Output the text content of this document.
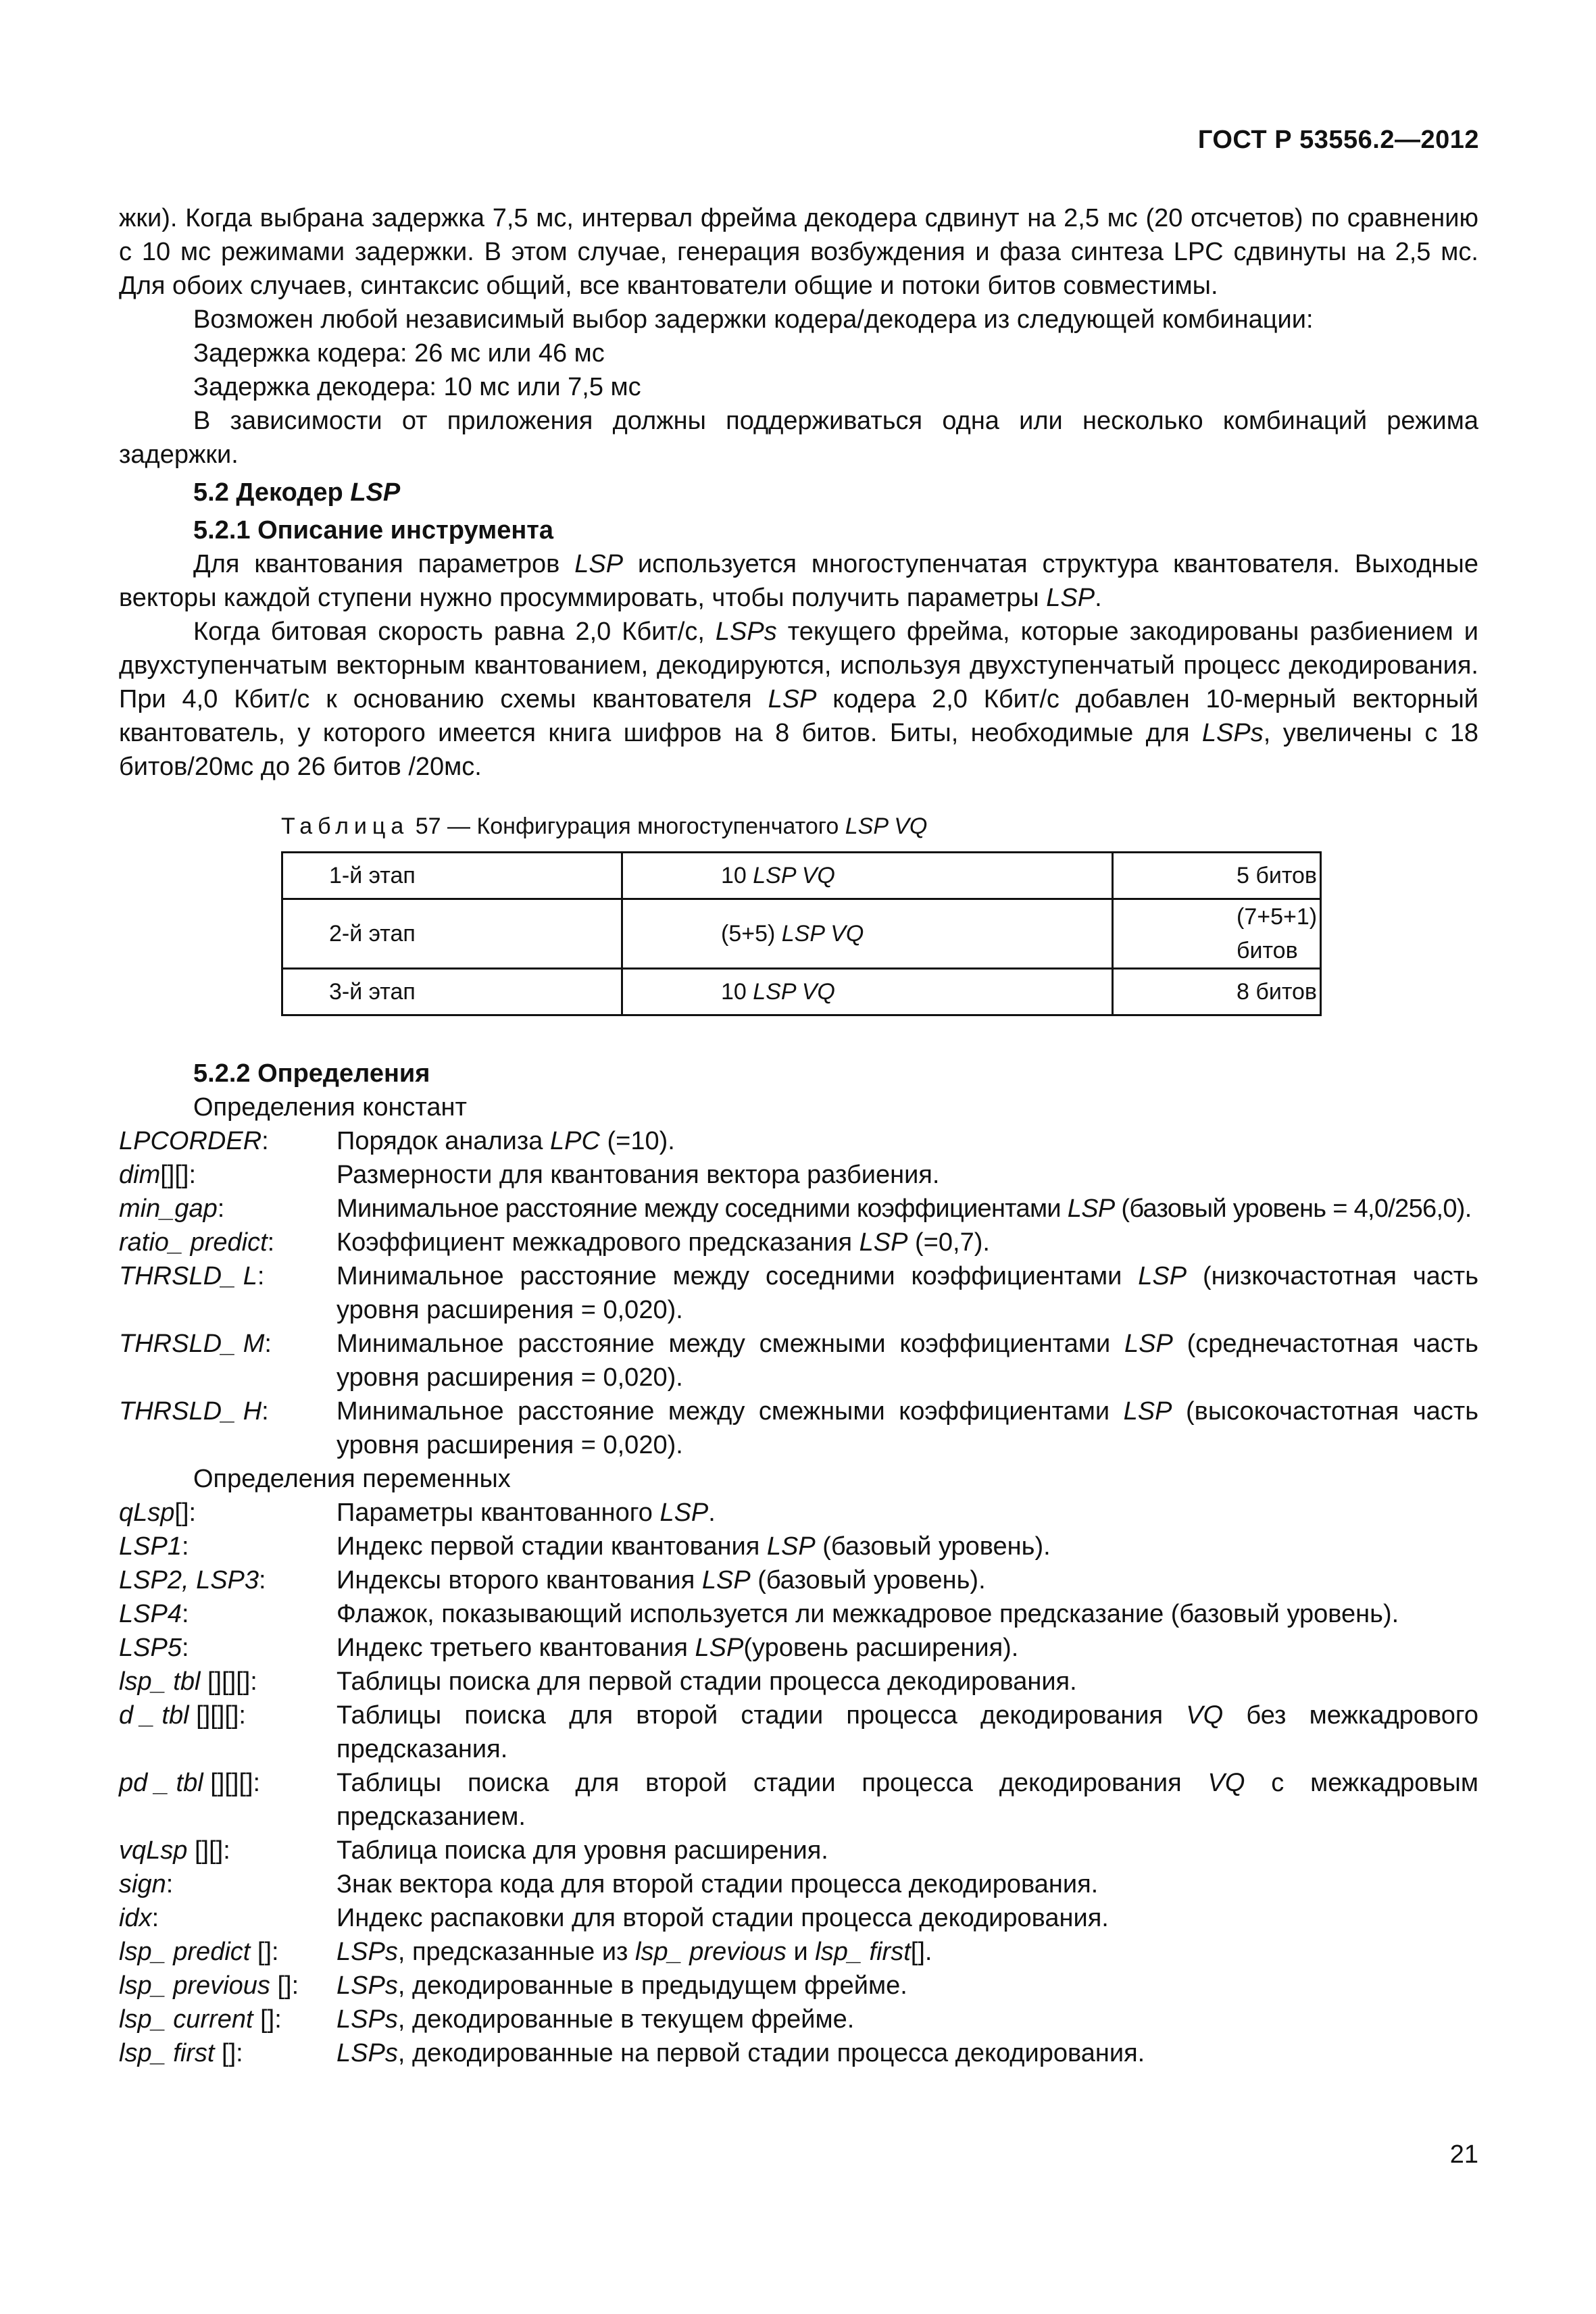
ГОСТ Р 53556.2—2012

жки). Когда выбрана задержка 7,5 мс, интервал фрейма декодера сдвинут на 2,5 мс (20 отсчетов) по сравнению с 10 мс режимами задержки. В этом случае, генерация возбуждения и фаза синтеза LPC сдвинуты на 2,5 мс. Для обоих случаев, синтаксис общий, все квантователи общие и потоки битов совместимы.

Возможен любой независимый выбор задержки кодера/декодера из следующей комбинации:

Задержка кодера: 26 мс или 46 мс

Задержка декодера: 10 мс или 7,5 мс

В зависимости от приложения должны поддерживаться одна или несколько комбинаций режима задержки.

5.2 Декодер LSP

5.2.1 Описание инструмента

Для квантования параметров LSP используется многоступенчатая структура квантователя. Выходные векторы каждой ступени нужно просуммировать, чтобы получить параметры LSP.

Когда битовая скорость равна 2,0 Кбит/с, LSPs текущего фрейма, которые закодированы разбиением и двухступенчатым векторным квантованием, декодируются, используя двухступенчатый процесс декодирования. При 4,0 Кбит/с к основанию схемы квантователя LSP кодера 2,0 Кбит/с добавлен 10-мерный векторный квантователь, у которого имеется книга шифров на 8 битов. Биты, необходимые для LSPs, увеличены с 18 битов/20мс до 26 битов /20мс.

Таблица 57 — Конфигурация многоступенчатого LSP VQ
1-й этап	10 LSP VQ	5 битов
2-й этап	(5+5) LSP VQ	(7+5+1) битов
3-й этап	10 LSP VQ	8 битов

5.2.2 Определения

Определения констант

LPCORDER:	Порядок анализа LPC (=10).
dim[][]:	Размерности для квантования вектора разбиения.
min_gap:	Минимальное расстояние между соседними коэффициентами LSP (базовый уровень = 4,0/256,0).
ratio_ predict:	Коэффициент межкадрового предсказания LSP (=0,7).
THRSLD_ L:	Минимальное расстояние между соседними коэффициентами LSP (низкочастотная часть уровня расширения = 0,020).
THRSLD_ M:	Минимальное расстояние между смежными коэффициентами LSP (среднечастотная часть уровня расширения = 0,020).
THRSLD_ H:	Минимальное расстояние между смежными коэффициентами LSP (высокочастотная часть уровня расширения = 0,020).

Определения переменных

qLsp[]:	Параметры квантованного LSP.
LSP1:	Индекс первой стадии квантования LSP (базовый уровень).
LSP2, LSP3:	Индексы второго квантования LSP (базовый уровень).
LSP4:	Флажок, показывающий используется ли межкадровое предсказание (базовый уровень).
LSP5:	Индекс третьего квантования LSP(уровень расширения).
lsp_ tbl [][][]:	Таблицы поиска для первой стадии процесса декодирования.
d _ tbl [][][]:	Таблицы поиска для второй стадии процесса декодирования VQ без межкадрового предсказания.
pd _ tbl [][][]:	Таблицы поиска для второй стадии процесса декодирования VQ с межкадровым предсказанием.
vqLsp [][]:	Таблица поиска для уровня расширения.
sign:	Знак вектора кода для второй стадии процесса декодирования.
idx:	Индекс распаковки для второй стадии процесса декодирования.
lsp_ predict []:	LSPs, предсказанные из lsp_ previous и lsp_ first[].
lsp_ previous []:	LSPs, декодированные в предыдущем фрейме.
lsp_ current []:	LSPs, декодированные в текущем фрейме.
lsp_ first []:	LSPs, декодированные на первой стадии процесса декодирования.
21
